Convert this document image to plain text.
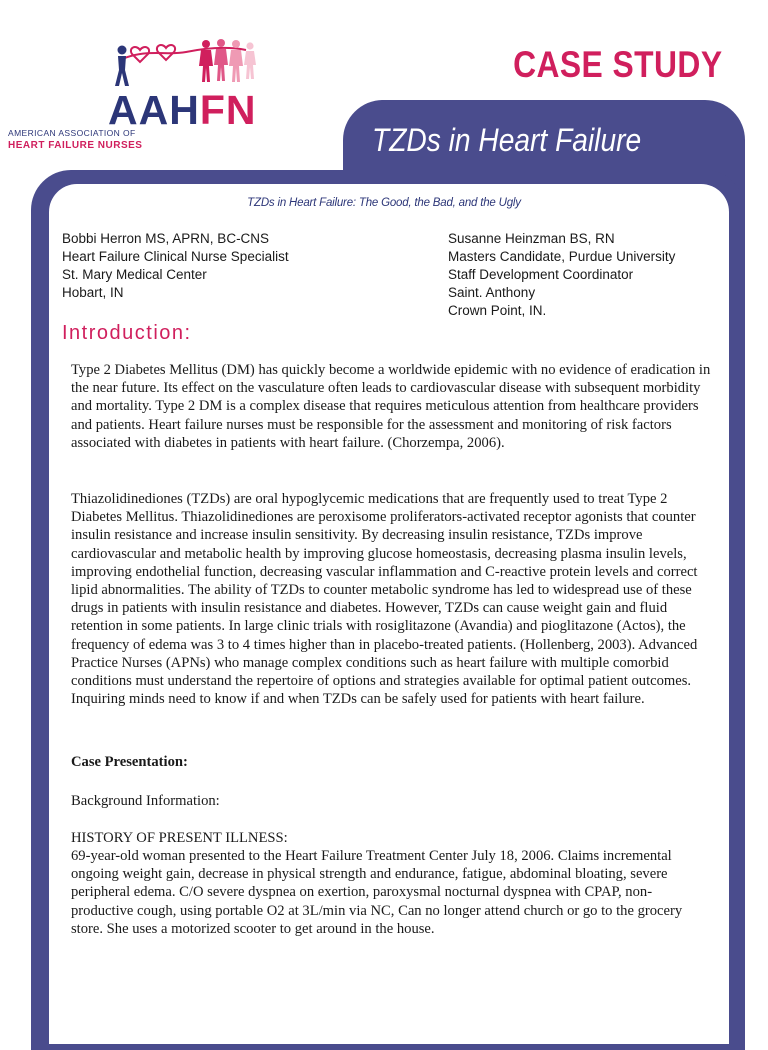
AAHFN
AMERICAN ASSOCIATION OF
HEART FAILURE NURSES
CASE STUDY
TZDs in Heart Failure
TZDs in Heart Failure: The Good, the Bad, and the Ugly
Bobbi Herron MS, APRN, BC-CNS
Heart Failure Clinical Nurse Specialist
St. Mary Medical Center
Hobart, IN
Susanne Heinzman BS, RN
Masters Candidate, Purdue University
Staff Development Coordinator
Saint. Anthony
Crown Point, IN.
Introduction:

Type 2 Diabetes Mellitus (DM) has quickly become a worldwide epidemic with no evidence of eradication in the near future. Its effect on the vasculature often leads to cardiovascular disease with subsequent morbidity and mortality. Type 2 DM is a complex disease that requires meticulous attention from healthcare providers and patients. Heart failure nurses must be responsible for the assessment and monitoring of risk factors associated with diabetes in patients with heart failure. (Chorzempa, 2006).

Thiazolidinediones (TZDs) are oral hypoglycemic medications that are frequently used to treat Type 2 Diabetes Mellitus. Thiazolidinediones are peroxisome proliferators-activated receptor agonists that counter insulin resistance and increase insulin sensitivity. By decreasing insulin resistance, TZDs improve cardiovascular and metabolic health by improving glucose homeostasis, decreasing plasma insulin levels, improving endothelial function, decreasing vascular inflammation and C-reactive protein levels and correct lipid abnormalities. The ability of TZDs to counter metabolic syndrome has led to widespread use of these drugs in patients with insulin resistance and diabetes. However, TZDs can cause weight gain and fluid retention in some patients. In large clinic trials with rosiglitazone (Avandia) and pioglitazone (Actos), the frequency of edema was 3 to 4 times higher than in placebo-treated patients. (Hollenberg, 2003). Advanced Practice Nurses (APNs) who manage complex conditions such as heart failure with multiple comorbid conditions must understand the repertoire of options and strategies available for optimal patient outcomes. Inquiring minds need to know if and when TZDs can be safely used for patients with heart failure.

Case Presentation:
Background Information:
HISTORY OF PRESENT ILLNESS:

69-year-old woman presented to the Heart Failure Treatment Center July 18, 2006. Claims incremental ongoing weight gain, decrease in physical strength and endurance, fatigue, abdominal bloating, severe peripheral edema. C/O severe dyspnea on exertion, paroxysmal nocturnal dyspnea with CPAP, non-productive cough, using portable O2 at 3L/min via NC, Can no longer attend church or go to the grocery store. She uses a motorized scooter to get around in the house.
